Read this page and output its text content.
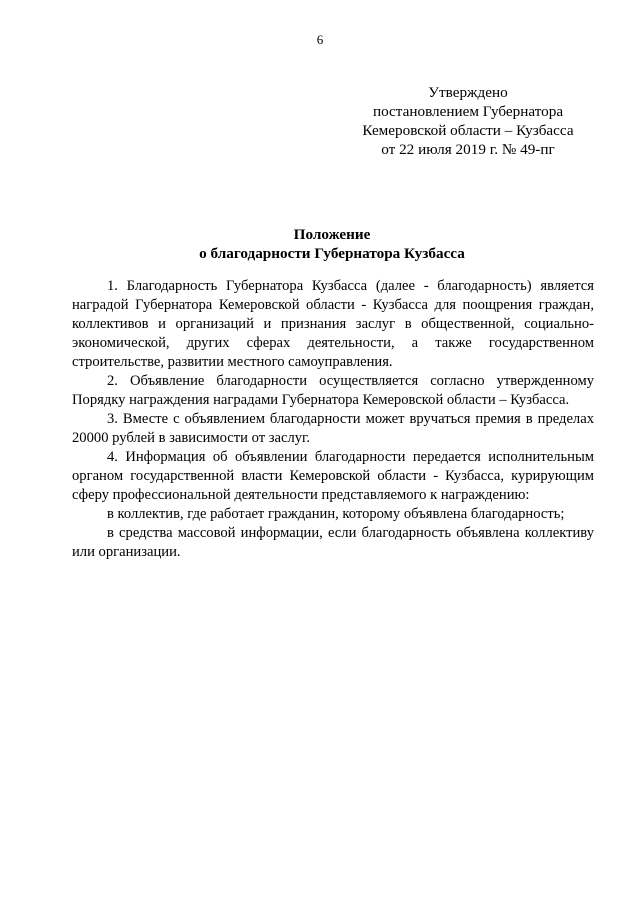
6
Утверждено
постановлением Губернатора
Кемеровской области – Кузбасса
от 22 июля 2019 г. № 49-пг
Положение
о благодарности Губернатора Кузбасса

1. Благодарность Губернатора Кузбасса (далее - благодарность) является наградой Губернатора Кемеровской области - Кузбасса для поощрения граждан, коллективов и организаций и признания заслуг в общественной, социально-экономической, других сферах деятельности, а также государственном строительстве, развитии местного самоуправления.

2. Объявление благодарности осуществляется согласно утвержденному Порядку награждения наградами Губернатора Кемеровской области – Кузбасса.

3. Вместе с объявлением благодарности может вручаться премия в пределах 20000 рублей в зависимости от заслуг.

4. Информация об объявлении благодарности передается исполнительным органом государственной власти Кемеровской области - Кузбасса, курирующим сферу профессиональной деятельности представляемого к награждению:

в коллектив, где работает гражданин, которому объявлена благодарность;

в средства массовой информации, если благодарность объявлена коллективу или организации.
